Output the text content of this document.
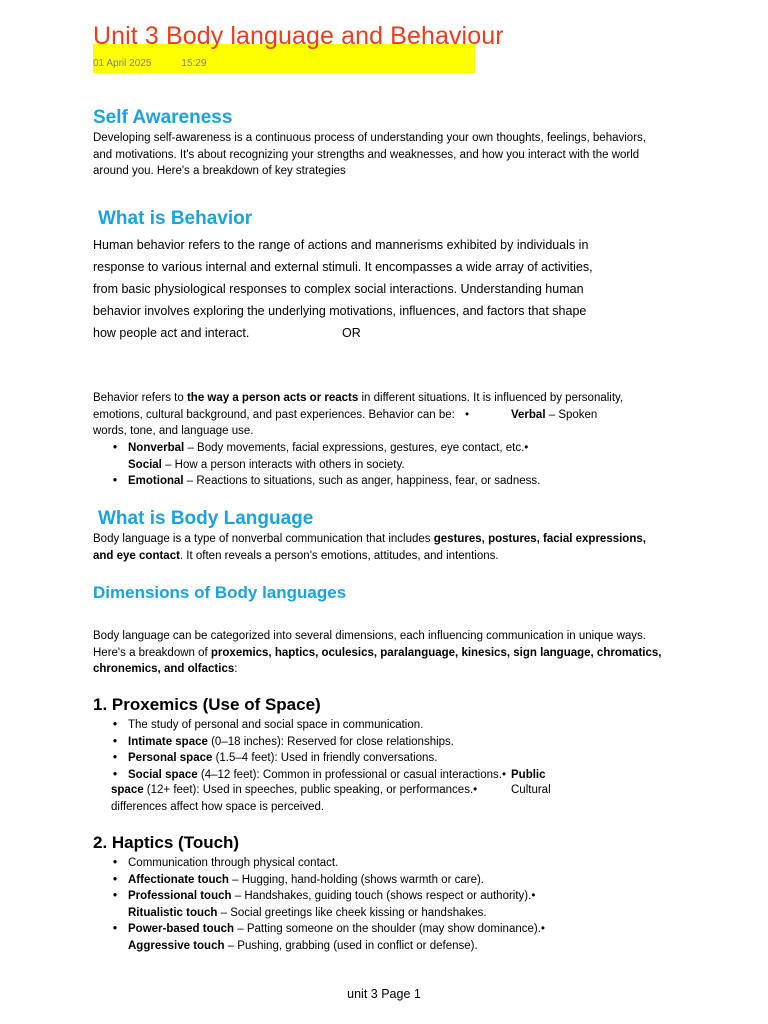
Unit 3 Body language and Behaviour
01 April 2025	15:29
Self Awareness
Developing self-awareness is a continuous process of understanding your own thoughts, feelings, behaviors,
and motivations. It's about recognizing your strengths and weaknesses, and how you interact with the world
around you. Here's a breakdown of key strategies
What is Behavior
Human behavior refers to the range of actions and mannerisms exhibited by individuals in
response to various internal and external stimuli. It encompasses a wide array of activities,
from basic physiological responses to complex social interactions. Understanding human
behavior involves exploring the underlying motivations, influences, and factors that shape
how people act and interact.	OR
Behavior refers to the way a person acts or reacts in different situations. It is influenced by personality,
emotions, cultural background, and past experiences. Behavior can be: •	Verbal – Spoken
words, tone, and language use.
• Nonverbal – Body movements, facial expressions, gestures, eye contact, etc.•
Social – How a person interacts with others in society.
• Emotional – Reactions to situations, such as anger, happiness, fear, or sadness.
What is Body Language
Body language is a type of nonverbal communication that includes gestures, postures, facial expressions,
and eye contact. It often reveals a person's emotions, attitudes, and intentions.
Dimensions of Body languages
Body language can be categorized into several dimensions, each influencing communication in unique ways.
Here's a breakdown of proxemics, haptics, oculesics, paralanguage, kinesics, sign language, chromatics,
chronemics, and olfactics:
1. Proxemics (Use of Space)
• The study of personal and social space in communication.
• Intimate space (0–18 inches): Reserved for close relationships.
• Personal space (1.5–4 feet): Used in friendly conversations.
• Social space (4–12 feet): Common in professional or casual interactions.• Public
space (12+ feet): Used in speeches, public speaking, or performances.•	Cultural
differences affect how space is perceived.
2. Haptics (Touch)
• Communication through physical contact.
• Affectionate touch – Hugging, hand-holding (shows warmth or care).
• Professional touch – Handshakes, guiding touch (shows respect or authority).•
Ritualistic touch – Social greetings like cheek kissing or handshakes.
• Power-based touch – Patting someone on the shoulder (may show dominance).•
Aggressive touch – Pushing, grabbing (used in conflict or defense).
unit 3 Page 1
